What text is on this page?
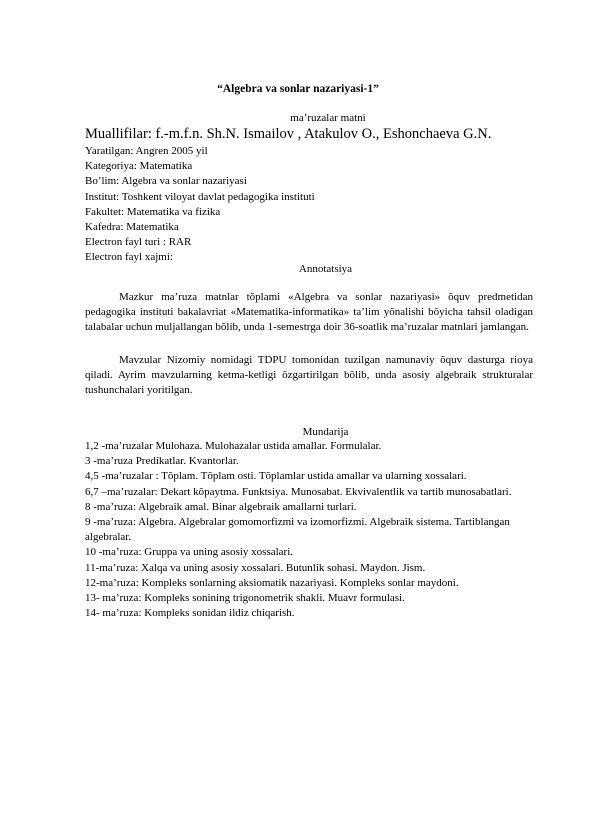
“Algebra va sonlar nazariyasi-1”
ma’ruzalar matni
Muallifilar: f.-m.f.n. Sh.N. Ismailov , Atakulov O., Eshonchaeva G.N.
Yaratilgan: Angren 2005 yil
Kategoriya: Matematika
Bo’lim: Algebra va sonlar nazariyasi
Institut: Toshkent viloyat davlat pedagogika instituti
Fakultet: Matematika va fizika
Kafedra: Matematika
Electron fayl turi : RAR
Electron fayl xajmi:
Annotatsiya
Mazkur ma’ruza matnlar tõplami «Algebra va sonlar nazariyasi» õquv predmetidan pedagogika instituti bakalavriat «Matematika-informatika» ta’lim yõnalishi bõyicha tahsil oladigan talabalar uchun muljallangan bõlib, unda 1-semestrga doir 36-soatlik ma’ruzalar matnlari jamlangan.
Mavzular Nizomiy nomidagi TDPU tomonidan tuzilgan namunaviy õquv dasturga rioya qiladi. Ayrim mavzularning ketma-ketligi õzgartirilgan bõlib, unda asosiy algebraik strukturalar tushunchalari yoritilgan.
Mundarija
1,2 -ma’ruzalar Mulohaza. Mulohazalar ustida amallar. Formulalar.
3 -ma’ruza Predikatlar. Kvantorlar.
4,5 -ma’ruzalar : Tõplam. Tõplam osti. Tõplamlar ustida amallar va ularning xossalari.
6,7 –ma’ruzalar: Dekart kõpaytma. Funktsiya. Munosabat. Ekvivalentlik va tartib munosabatlari.
8 -ma’ruza: Algebraik amal. Binar algebraik amallarni turlari.
9 -ma’ruza: Algebra. Algebralar gomomorfizmi va izomorfizmi. Algebraik sistema. Tartiblangan algebralar.
10 -ma’ruza: Gruppa va uning asosiy xossalari.
11-ma’ruza: Xalqa va uning asosiy xossalari. Butunlik sohasi. Maydon. Jism.
12-ma’ruza: Kompleks sonlarning aksiomatik nazariyasi. Kompleks sonlar maydoni.
13- ma’ruza: Kompleks sonining trigonometrik shakli. Muavr formulasi.
14- ma’ruza: Kompleks sonidan ildiz chiqarish.
